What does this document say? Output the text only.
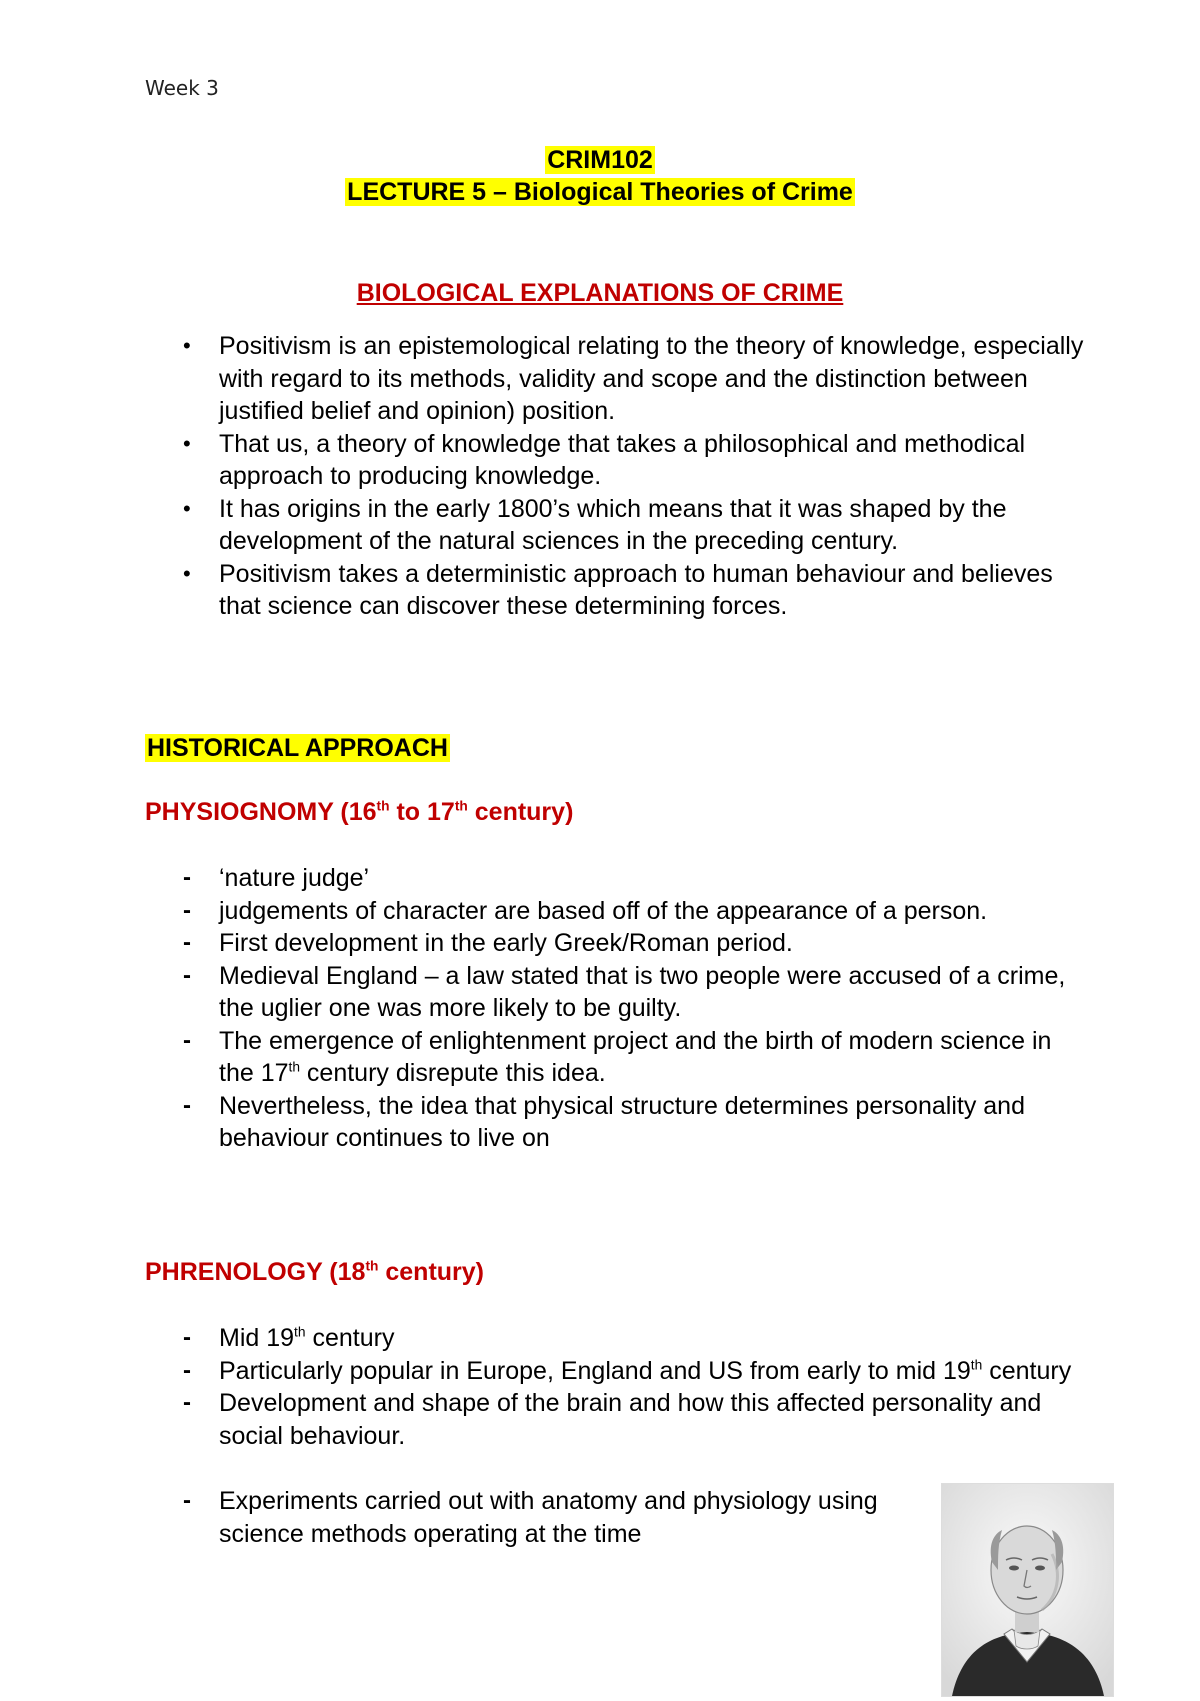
Week 3
CRIM102
LECTURE 5 – Biological Theories of Crime
BIOLOGICAL EXPLANATIONS OF CRIME
• Positivism is an epistemological relating to the theory of knowledge, especially with regard to its methods, validity and scope and the distinction between justified belief and opinion) position.
• That us, a theory of knowledge that takes a philosophical and methodical approach to producing knowledge.
• It has origins in the early 1800’s which means that it was shaped by the development of the natural sciences in the preceding century.
• Positivism takes a deterministic approach to human behaviour and believes that science can discover these determining forces.
HISTORICAL APPROACH
PHYSIOGNOMY (16th to 17th century)
- ‘nature judge’
- judgements of character are based off of the appearance of a person.
- First development in the early Greek/Roman period.
- Medieval England – a law stated that is two people were accused of a crime, the uglier one was more likely to be guilty.
- The emergence of enlightenment project and the birth of modern science in the 17th century disrepute this idea.
- Nevertheless, the idea that physical structure determines personality and behaviour continues to live on
PHRENOLOGY (18th century)
- Mid 19th century
- Particularly popular in Europe, England and US from early to mid 19th century
- Development and shape of the brain and how this affected personality and social behaviour.
- Experiments carried out with anatomy and physiology using science methods operating at the time
